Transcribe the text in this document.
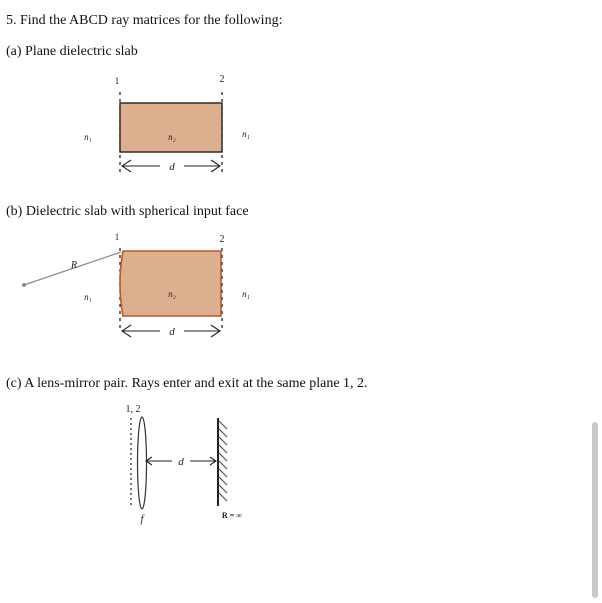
5. Find the ABCD ray matrices for the following:
(a) Plane dielectric slab
1	2
n₁	n₂	n₁
d
(b) Dielectric slab with spherical input face
1	2
R
n₁	n₂	n₁
d
(c) A lens-mirror pair. Rays enter and exit at the same plane 1, 2.
1, 2
d
f	R = ∞
